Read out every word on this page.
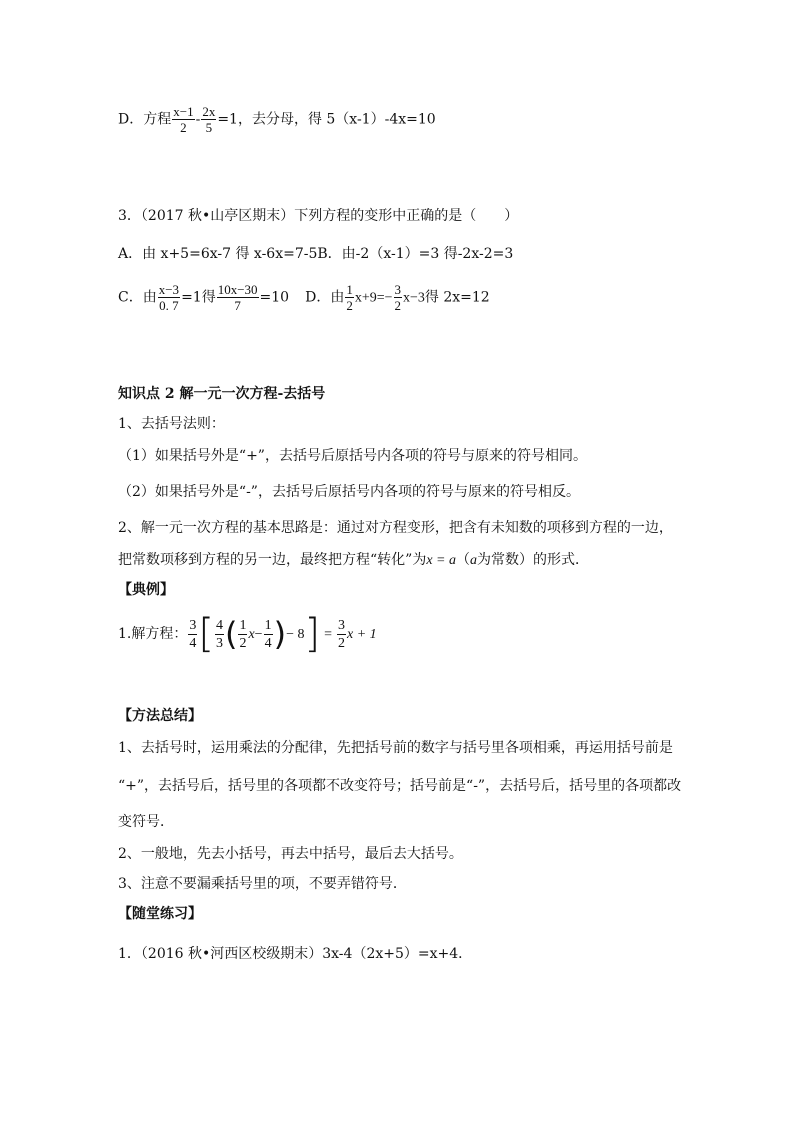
D．方程 $\frac{x-1}{2} - \frac{2x}{5} =1$，去分母，得 5（x-1）-4x=10
3．（2017 秋•山亭区期末）下列方程的变形中正确的是（　　）
A．由 x+5=6x-7 得 x-6x=7-5B．由-2（x-1）=3 得-2x-2=3
C．由 $\frac{x-3}{0. 7} =1$得 $\frac{10x-30}{7} =10$ D．由 $\frac{1}{2} x+9=- \frac{3}{2} x-3$得 2x=12
知识点 2 解一元一次方程-去括号
1、去括号法则：
（1）如果括号外是“+”，去括号后原括号内各项的符号与原来的符号相同。
（2）如果括号外是“-”，去括号后原括号内各项的符号与原来的符号相反。
2、解一元一次方程的基本思路是：通过对方程变形，把含有未知数的项移到方程的一边，
把常数项移到方程的另一边，最终把方程“转化”为x = a（a为常数）的形式．
【典例】
1.解方程： $\frac{3}{4}$ [ $\frac{4}{3}$ ( $\frac{1}{2} x- \frac{1}{4}$ )− $8] = \frac{3}{2}$ x + 1
【方法总结】
1、去括号时，运用乘法的分配律，先把括号前的数字与括号里各项相乘，再运用括号前是
“+”，去括号后，括号里的各项都不改变符号；括号前是“-”，去括号后，括号里的各项都改
变符号．
2、一般地，先去小括号，再去中括号，最后去大括号。
3、注意不要漏乘括号里的项，不要弄错符号．
【随堂练习】
1．（2016 秋•河西区校级期末）3x-4（2x+5）=x+4．
